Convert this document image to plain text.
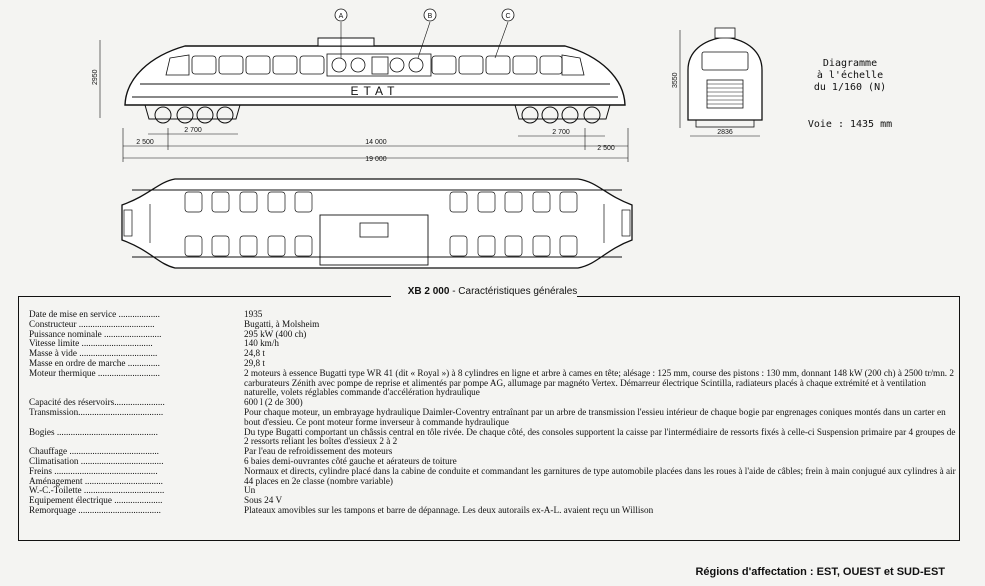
A	B	C
ETAT
2950
2 700
2 500	14 000
2 700
2 500
19 000
3550
2836
Diagramme
à l'échelle
du 1/160 (N)
Voie : 1435 mm
XB 2 000 - Caractéristiques générales
Date de mise en service ..................	1935
Constructeur .................................	Bugatti, à Molsheim
Puissance nominale .........................	295 kW (400 ch)
Vitesse limite ...............................	140 km/h
Masse à vide ..................................	24,8 t
Masse en ordre de marche ..............	29,8 t
Moteur thermique ...........................	2 moteurs à essence Bugatti type WR 41 (dit « Royal ») à 8 cylindres en ligne et arbre à cames en tête; alésage : 125 mm, course des pistons : 130 mm, donnant 148 kW (200 ch) à 2500 tr/mn. 2 carburateurs Zénith avec pompe de reprise et alimentés par pompe AG, allumage par magnéto Vertex. Démarreur électrique Scintilla, radiateurs placés à chaque extrémité et à ventilation naturelle, volets réglables commande d'accélération hydraulique
Capacité des réservoirs......................	600 l (2 de 300)
Transmission.....................................	Pour chaque moteur, un embrayage hydraulique Daimler-Coventry entraînant par un arbre de transmission l'essieu intérieur de chaque bogie par engrenages coniques montés dans un carter en bout d'essieu. Ce pont moteur forme inverseur à commande hydraulique
Bogies ............................................	Du type Bugatti comportant un châssis central en tôle rivée. De chaque côté, des consoles supportent la caisse par l'intermédiaire de ressorts fixés à celle-ci Suspension primaire par 4 groupes de 2 ressorts reliant les boîtes d'essieux 2 à 2
Chauffage .......................................	Par l'eau de refroidissement des moteurs
Climatisation ....................................	6 baies demi-ouvrantes côté gauche et aérateurs de toiture
Freins .............................................	Normaux et directs, cylindre placé dans la cabine de conduite et commandant les garnitures de type automobile placées dans les roues à l'aide de câbles; frein à main conjugué aux cylindres à air
Aménagement ..................................	44 places en 2e classe (nombre variable)
W.-C.-Toilette ...................................	Un
Équipement électrique .....................	Sous 24 V
Remorquage ....................................	Plateaux amovibles sur les tampons et barre de dépannage. Les deux autorails ex-A-L. avaient reçu un Willison
Régions d'affectation : EST, OUEST et SUD-EST
